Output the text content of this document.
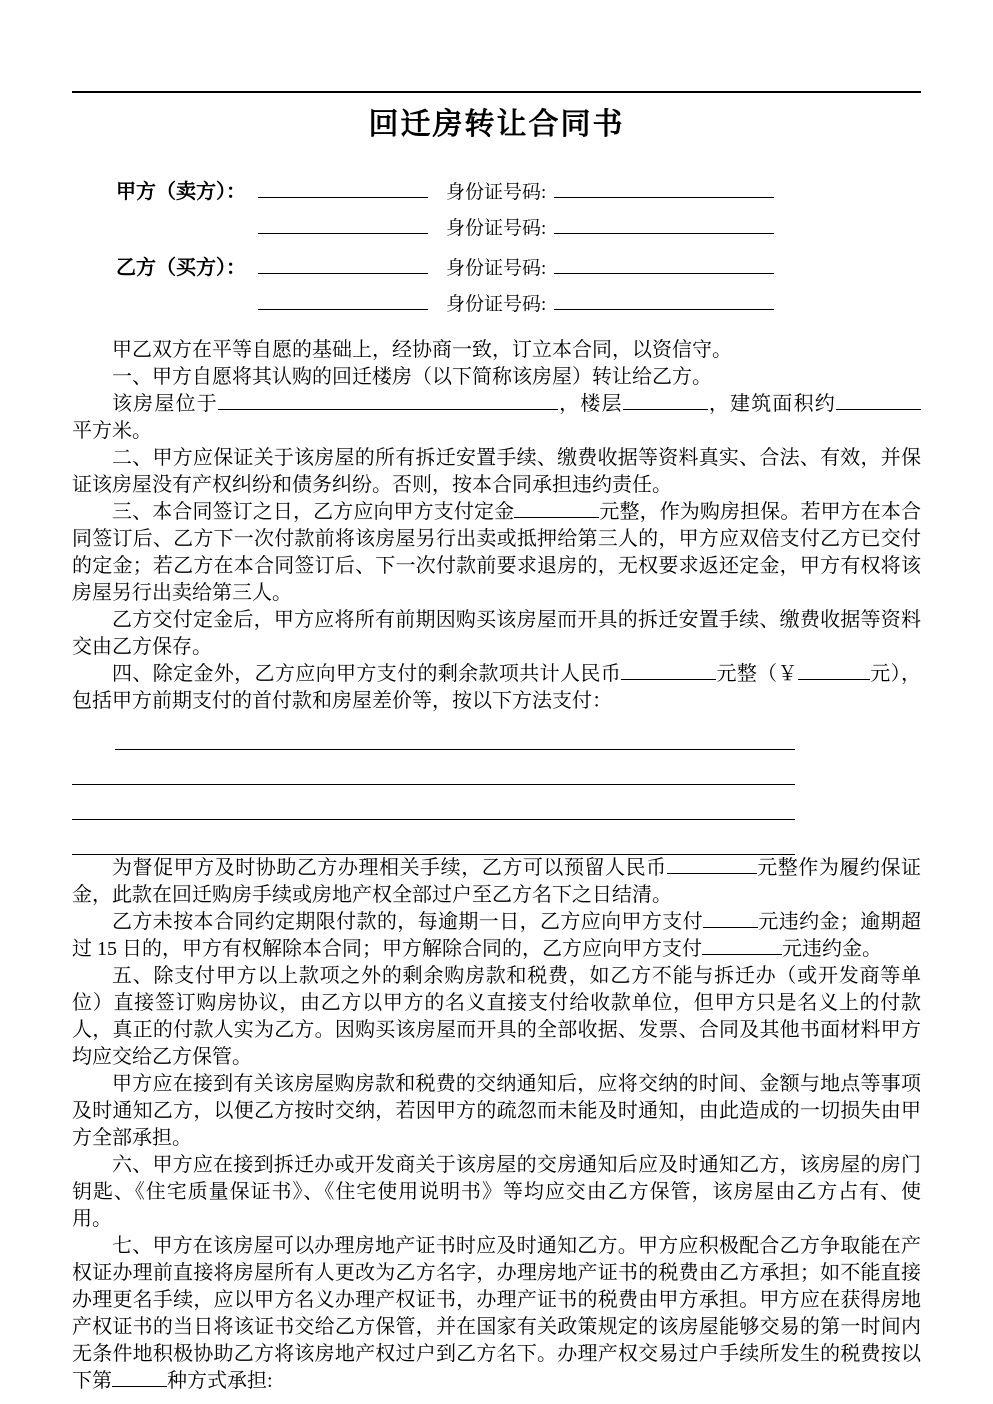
回迁房转让合同书
甲方（卖方）：	身份证号码:
身份证号码:
乙方（买方）：	身份证号码:
身份证号码:

甲乙双方在平等自愿的基础上，经协商一致，订立本合同，以资信守。

一、甲方自愿将其认购的回迁楼房（以下简称该房屋）转让给乙方。

该房屋位于	，楼层	，建筑面积约平方米。

二、甲方应保证关于该房屋的所有拆迁安置手续、缴费收据等资料真实、合法、有效，并保证该房屋没有产权纠纷和债务纠纷。否则，按本合同承担违约责任。

三、本合同签订之日，乙方应向甲方支付定金	元整，作为购房担保。若甲方在本合同签订后、乙方下一次付款前将该房屋另行出卖或抵押给第三人的，甲方应双倍支付乙方已交付的定金；若乙方在本合同签订后、下一次付款前要求退房的，无权要求返还定金，甲方有权将该房屋另行出卖给第三人。

乙方交付定金后，甲方应将所有前期因购买该房屋而开具的拆迁安置手续、缴费收据等资料交由乙方保存。

四、除定金外，乙方应向甲方支付的剩余款项共计人民币	元整（￥	元），包括甲方前期支付的首付款和房屋差价等，按以下方法支付：

为督促甲方及时协助乙方办理相关手续，乙方可以预留人民币	元整作为履约保证金，此款在回迁购房手续或房地产权全部过户至乙方名下之日结清。

乙方未按本合同约定期限付款的，每逾期一日，乙方应向甲方支付	元违约金；逾期超过 15 日的，甲方有权解除本合同；甲方解除合同的，乙方应向甲方支付	元违约金。

五、除支付甲方以上款项之外的剩余购房款和税费，如乙方不能与拆迁办（或开发商等单位）直接签订购房协议，由乙方以甲方的名义直接支付给收款单位，但甲方只是名义上的付款人，真正的付款人实为乙方。因购买该房屋而开具的全部收据、发票、合同及其他书面材料甲方均应交给乙方保管。

甲方应在接到有关该房屋购房款和税费的交纳通知后，应将交纳的时间、金额与地点等事项及时通知乙方，以便乙方按时交纳，若因甲方的疏忽而未能及时通知，由此造成的一切损失由甲方全部承担。

六、甲方应在接到拆迁办或开发商关于该房屋的交房通知后应及时通知乙方，该房屋的房门钥匙、《住宅质量保证书》、《住宅使用说明书》等均应交由乙方保管，该房屋由乙方占有、使用。

七、甲方在该房屋可以办理房地产证书时应及时通知乙方。甲方应积极配合乙方争取能在产权证办理前直接将房屋所有人更改为乙方名字，办理房地产证书的税费由乙方承担；如不能直接办理更名手续，应以甲方名义办理产权证书，办理产证书的税费由甲方承担。甲方应在获得房地产权证书的当日将该证书交给乙方保管，并在国家有关政策规定的该房屋能够交易的第一时间内无条件地积极协助乙方将该房地产权过户到乙方名下。办理产权交易过户手续所发生的税费按以下第	种方式承担:
